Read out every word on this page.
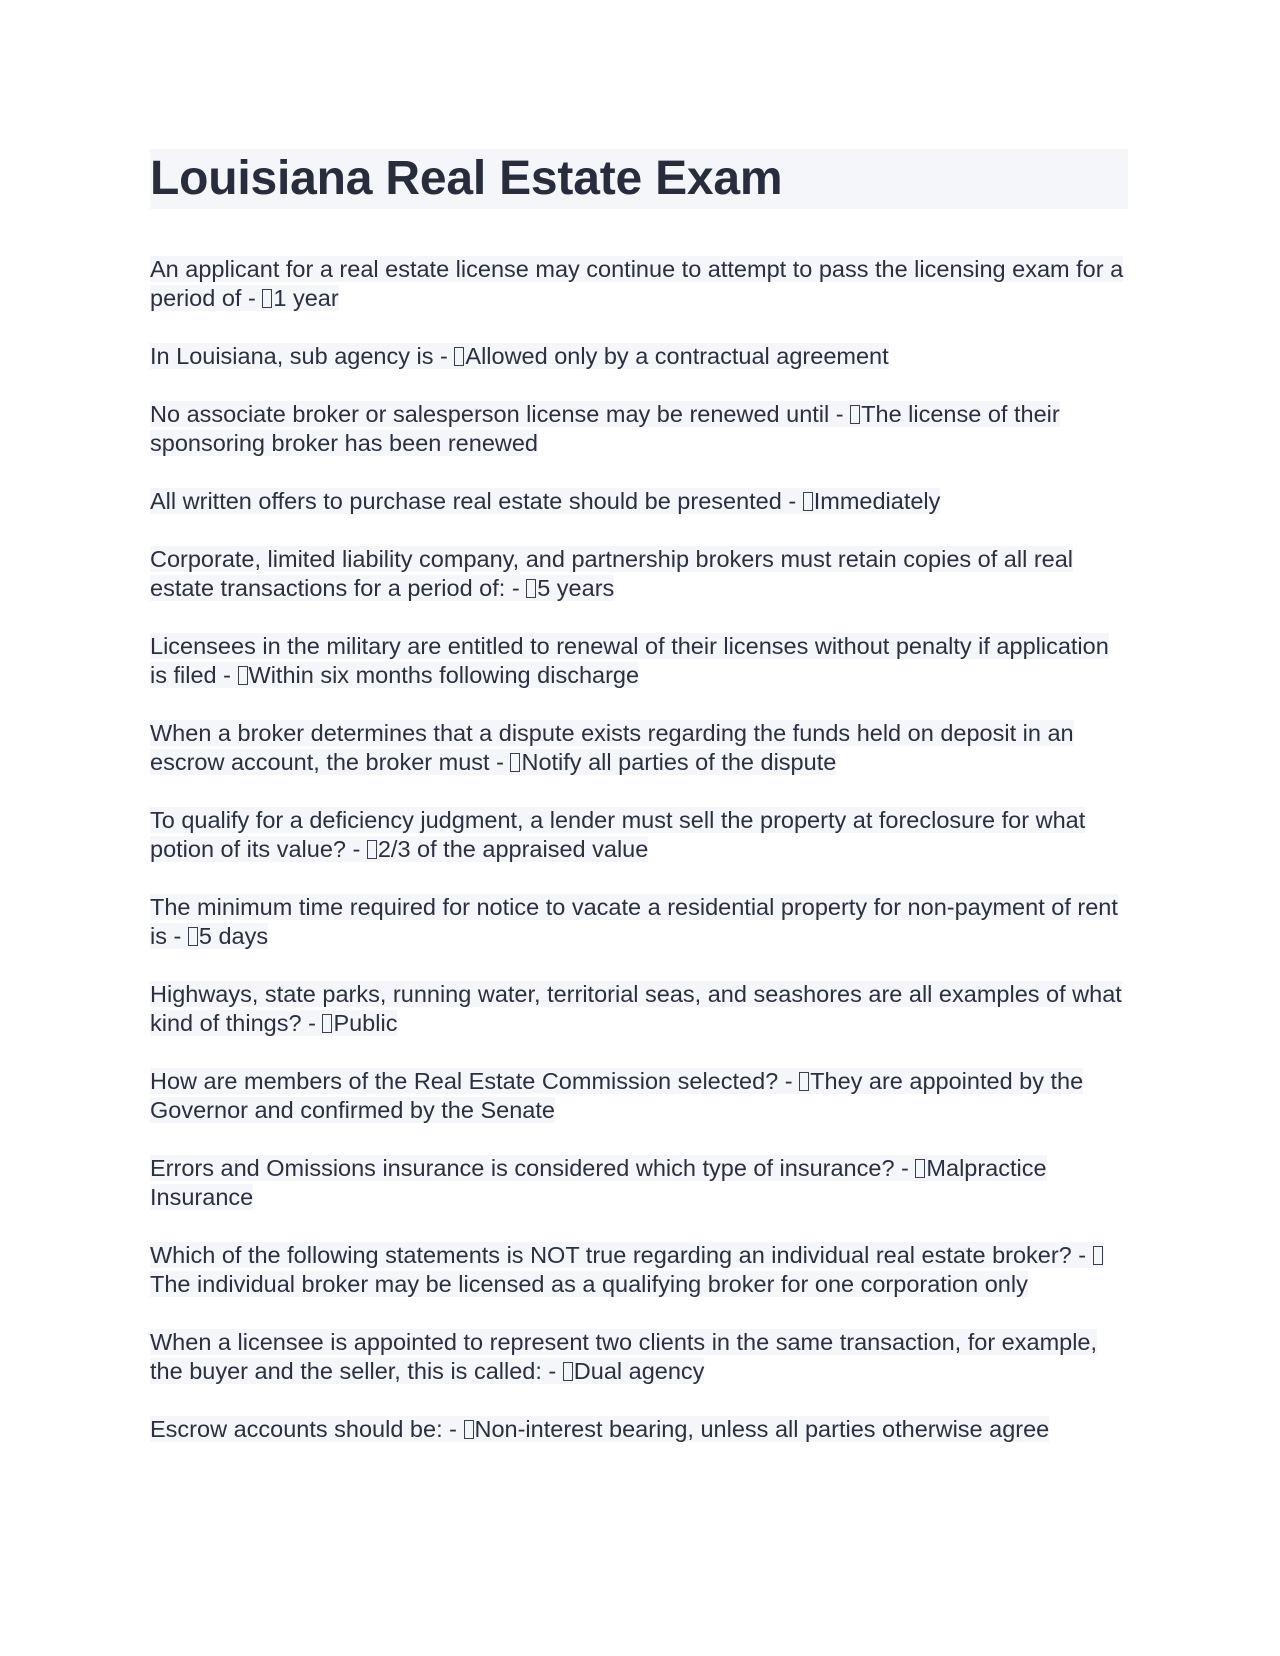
Louisiana Real Estate Exam
An applicant for a real estate license may continue to attempt to pass the licensing exam for a period of - 1 year
In Louisiana, sub agency is - Allowed only by a contractual agreement
No associate broker or salesperson license may be renewed until - The license of their sponsoring broker has been renewed
All written offers to purchase real estate should be presented - Immediately
Corporate, limited liability company, and partnership brokers must retain copies of all real estate transactions for a period of: - 5 years
Licensees in the military are entitled to renewal of their licenses without penalty if application is filed - Within six months following discharge
When a broker determines that a dispute exists regarding the funds held on deposit in an escrow account, the broker must - Notify all parties of the dispute
To qualify for a deficiency judgment, a lender must sell the property at foreclosure for what potion of its value? - 2/3 of the appraised value
The minimum time required for notice to vacate a residential property for non-payment of rent is - 5 days
Highways, state parks, running water, territorial seas, and seashores are all examples of what kind of things? - Public
How are members of the Real Estate Commission selected? - They are appointed by the Governor and confirmed by the Senate
Errors and Omissions insurance is considered which type of insurance? - Malpractice Insurance
Which of the following statements is NOT true regarding an individual real estate broker? - The individual broker may be licensed as a qualifying broker for one corporation only
When a licensee is appointed to represent two clients in the same transaction, for example, the buyer and the seller, this is called: - Dual agency
Escrow accounts should be: - Non-interest bearing, unless all parties otherwise agree
